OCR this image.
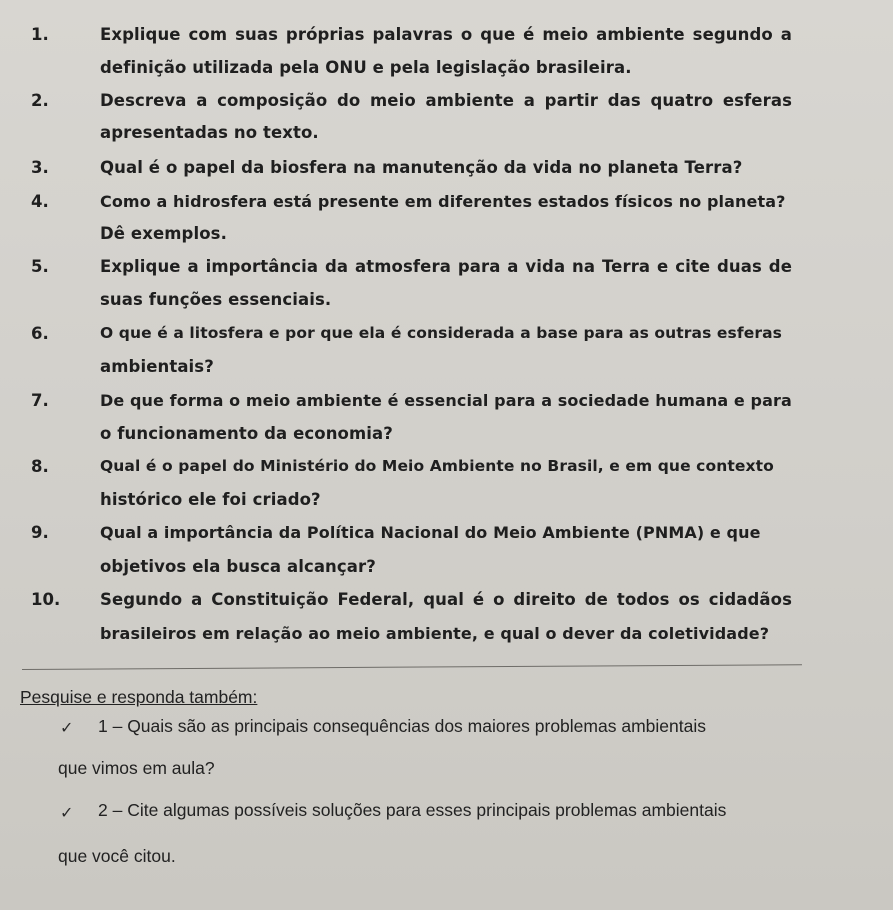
1.	Explique com suas próprias palavras o que é meio ambiente segundo a
definição utilizada pela ONU e pela legislação brasileira.
2.	Descreva a composição do meio ambiente a partir das quatro esferas
apresentadas no texto.
3.	Qual é o papel da biosfera na manutenção da vida no planeta Terra?
4.	Como a hidrosfera está presente em diferentes estados físicos no planeta?
Dê exemplos.
5.	Explique a importância da atmosfera para a vida na Terra e cite duas de
suas funções essenciais.
6.	O que é a litosfera e por que ela é considerada a base para as outras esferas
ambientais?
7.	De que forma o meio ambiente é essencial para a sociedade humana e para
o funcionamento da economia?
8.	Qual é o papel do Ministério do Meio Ambiente no Brasil, e em que contexto
histórico ele foi criado?
9.	Qual a importância da Política Nacional do Meio Ambiente (PNMA) e que
objetivos ela busca alcançar?
10. Segundo a Constituição Federal, qual é o direito de todos os cidadãos
brasileiros em relação ao meio ambiente, e qual o dever da coletividade?
Pesquise e responda também:
✓ 1 – Quais são as principais consequências dos maiores problemas ambientais
que vimos em aula?
✓ 2 – Cite algumas possíveis soluções para esses principais problemas ambientais
que você citou.
